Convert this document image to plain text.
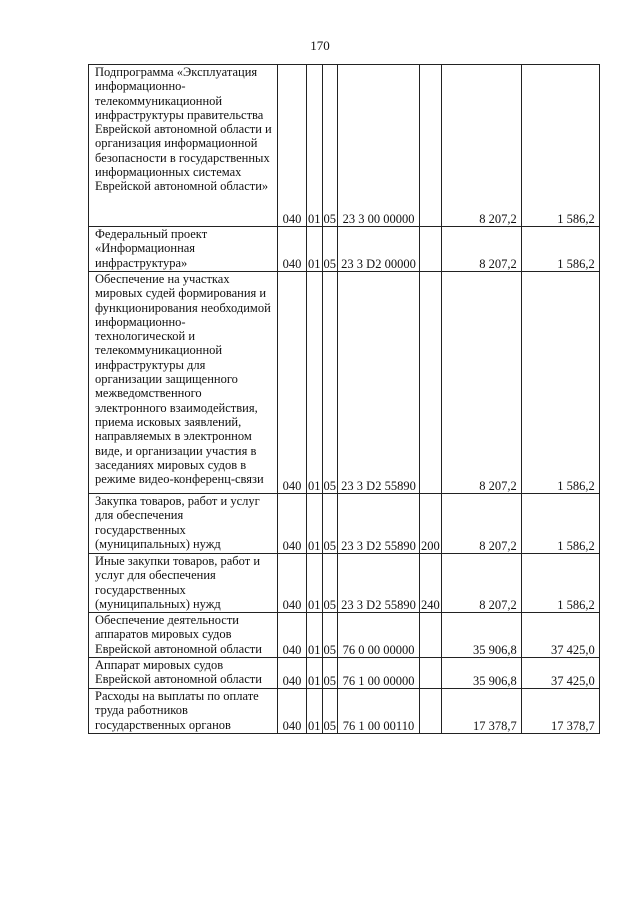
170
Подпрограмма «Эксплуатация информационно-телекоммуникационной инфраструктуры правительства Еврейской автономной области и организация информационной безопасности в государственных информационных системах Еврейской автономной области»	040	01	05	23 3 00 00000		8 207,2	1 586,2
Федеральный проект «Информационная инфраструктура»	040	01	05	23 3 D2 00000		8 207,2	1 586,2
Обеспечение на участках мировых судей формирования и функционирования необходимой информационно-технологической и телекоммуникационной инфраструктуры для организации защищенного межведомственного электронного взаимодействия, приема исковых заявлений, направляемых в электронном виде, и организации участия в заседаниях мировых судов в режиме видео-конференц-связи	040	01	05	23 3 D2 55890		8 207,2	1 586,2
Закупка товаров, работ и услуг для обеспечения государственных (муниципальных) нужд	040	01	05	23 3 D2 55890	200	8 207,2	1 586,2
Иные закупки товаров, работ и услуг для обеспечения государственных (муниципальных) нужд	040	01	05	23 3 D2 55890	240	8 207,2	1 586,2
Обеспечение деятельности аппаратов мировых судов Еврейской автономной области	040	01	05	76 0 00 00000		35 906,8	37 425,0
Аппарат мировых судов Еврейской автономной области	040	01	05	76 1 00 00000		35 906,8	37 425,0
Расходы на выплаты по оплате труда работников государственных органов	040	01	05	76 1 00 00110		17 378,7	17 378,7
